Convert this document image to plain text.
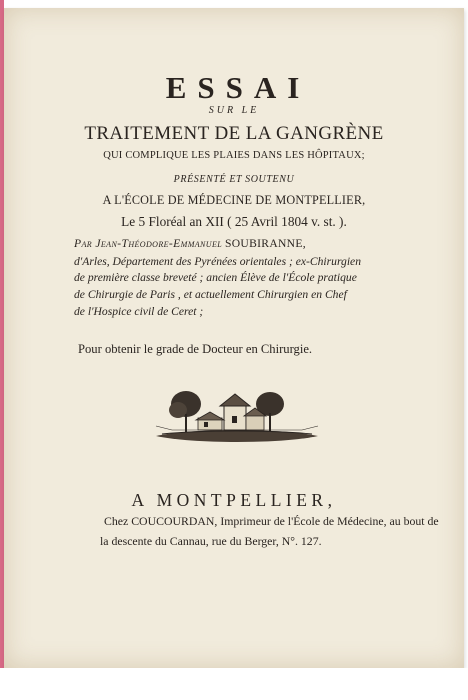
ESSAI
SUR LE
TRAITEMENT DE LA GANGRÈNE
QUI COMPLIQUE LES PLAIES DANS LES HÔPITAUX;
PRÉSENTÉ ET SOUTENU
A L'ÉCOLE DE MÉDECINE DE MONTPELLIER,
Le 5 Floréal an XII ( 25 Avril 1804 v. st. ).
Par Jean-Théodore-Emmanuel SOUBIRANNE,
d'Arles, Département des Pyrénées orientales ; ex-Chirurgien
de première classe breveté ; ancien Élève de l'École pratique
de Chirurgie de Paris , et actuellement Chirurgien en Chef
de l'Hospice civil de Ceret ;
Pour obtenir le grade de Docteur en Chirurgie.
A MONTPELLIER,
Chez COUCOURDAN, Imprimeur de l'École de Médecine, au bout de
la descente du Cannau, rue du Berger, N°. 127.
